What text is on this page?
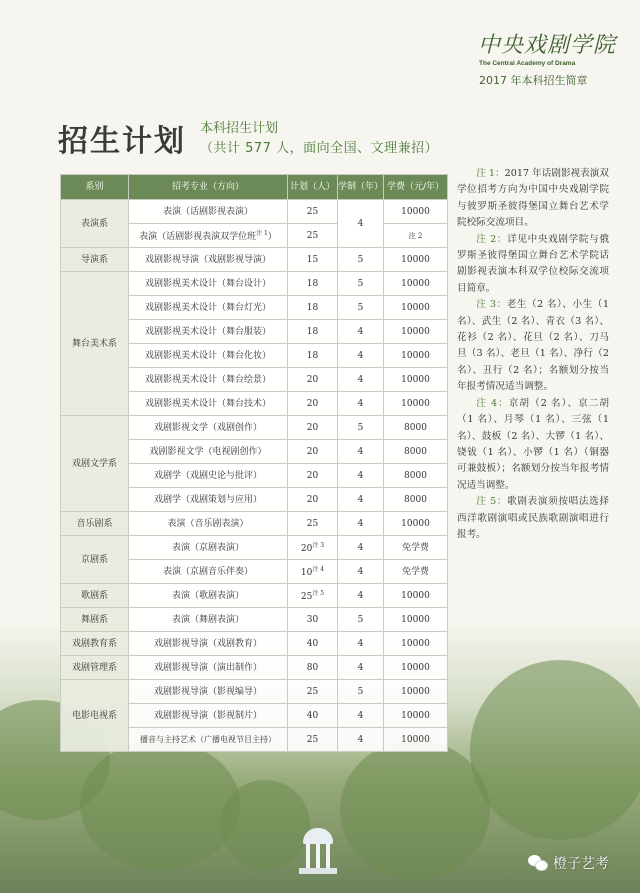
中央戏剧学院
The Central Academy of Drama
2017 年本科招生简章
招生计划 本科招生计划
（共计 577 人，面向全国、文理兼招）
系别	招考专业（方向）	计划（人）	学制（年）	学费（元/年）
表演系	表演（话剧影视表演）	25	4	10000
	表演（话剧影视表演双学位班$^{注 1}$）	25		注 2
导演系	戏剧影视导演（戏剧影视导演）	15	5	10000
舞台美术系	戏剧影视美术设计（舞台设计）	18	5	10000
	戏剧影视美术设计（舞台灯光）	18	5	10000
	戏剧影视美术设计（舞台服装）	18	4	10000
	戏剧影视美术设计（舞台化妆）	18	4	10000
	戏剧影视美术设计（舞台绘景）	20	4	10000
	戏剧影视美术设计（舞台技术）	20	4	10000
戏剧文学系	戏剧影视文学（戏剧创作）	20	5	8000
	戏剧影视文学（电视剧创作）	20	4	8000
	戏剧学（戏剧史论与批评）	20	4	8000
	戏剧学（戏剧策划与应用）	20	4	8000
音乐剧系	表演（音乐剧表演）	25	4	10000
京剧系	表演（京剧表演）	$20^{注 3}$	4	免学费
	表演（京剧音乐伴奏）	$10^{注 4}$	4	免学费
歌剧系	表演（歌剧表演）	$25^{注 5}$	4	10000
舞剧系	表演（舞剧表演）	30	5	10000
戏剧教育系	戏剧影视导演（戏剧教育）	40	4	10000
戏剧管理系	戏剧影视导演（演出制作）	80	4	10000
电影电视系	戏剧影视导演（影视编导）	25	5	10000
	戏剧影视导演（影视制片）	40	4	10000
	播音与主持艺术（广播电视节目主持）	25	4	10000

注 1：2017 年话剧影视表演双学位招考方向为中国中央戏剧学院与彼罗斯圣彼得堡国立舞台艺术学院校际交流项目。

注 2：详见中央戏剧学院与俄罗斯圣彼得堡国立舞台艺术学院话剧影视表演本科双学位校际交流项目简章。

注 3：老生（2 名）、小生（1 名）、武生（2 名）、青衣（3 名）、花衫（2 名）、花旦（2 名）、刀马旦（3 名）、老旦（1 名）、净行（2 名）、丑行（2 名）；名额划分按当年报考情况适当调整。

注 4：京胡（2 名）、京二胡（1 名）、月琴（1 名）、三弦（1 名）、鼓板（2 名）、大锣（1 名）、铙钹（1 名）、小锣（1 名）（铜器可兼鼓板）；名额划分按当年报考情况适当调整。

注 5：歌剧表演须按唱法选择西洋歌剧演唱或民族歌剧演唱进行报考。

橙子艺考
